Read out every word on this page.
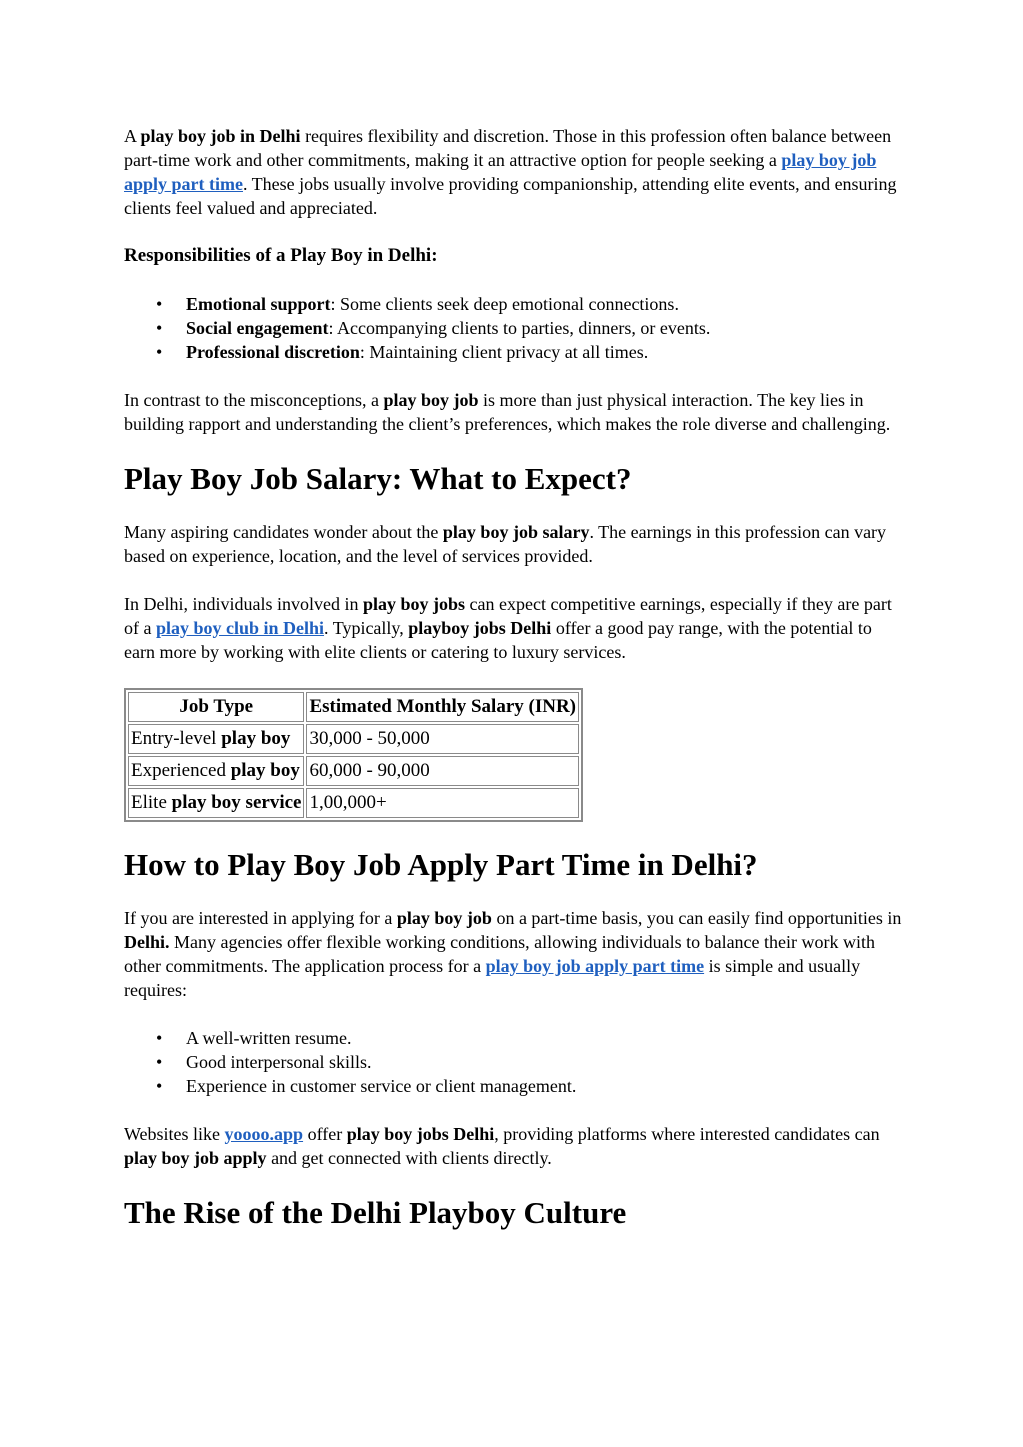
A play boy job in Delhi requires flexibility and discretion. Those in this profession often balance between part-time work and other commitments, making it an attractive option for people seeking a play boy job apply part time. These jobs usually involve providing companionship, attending elite events, and ensuring clients feel valued and appreciated.

Responsibilities of a Play Boy in Delhi:
• Emotional support: Some clients seek deep emotional connections.
• Social engagement: Accompanying clients to parties, dinners, or events.
• Professional discretion: Maintaining client privacy at all times.

In contrast to the misconceptions, a play boy job is more than just physical interaction. The key lies in building rapport and understanding the client’s preferences, which makes the role diverse and challenging.

Play Boy Job Salary: What to Expect?

Many aspiring candidates wonder about the play boy job salary. The earnings in this profession can vary based on experience, location, and the level of services provided.

In Delhi, individuals involved in play boy jobs can expect competitive earnings, especially if they are part of a play boy club in Delhi. Typically, playboy jobs Delhi offer a good pay range, with the potential to earn more by working with elite clients or catering to luxury services.

Job Type	Estimated Monthly Salary (INR)
Entry-level play boy	30,000 - 50,000
Experienced play boy	60,000 - 90,000
Elite play boy service	1,00,000+
How to Play Boy Job Apply Part Time in Delhi?

If you are interested in applying for a play boy job on a part-time basis, you can easily find opportunities in Delhi. Many agencies offer flexible working conditions, allowing individuals to balance their work with other commitments. The application process for a play boy job apply part time is simple and usually requires:

• A well-written resume.
• Good interpersonal skills.
• Experience in customer service or client management.

Websites like yoooo.app offer play boy jobs Delhi, providing platforms where interested candidates can play boy job apply and get connected with clients directly.

The Rise of the Delhi Playboy Culture
